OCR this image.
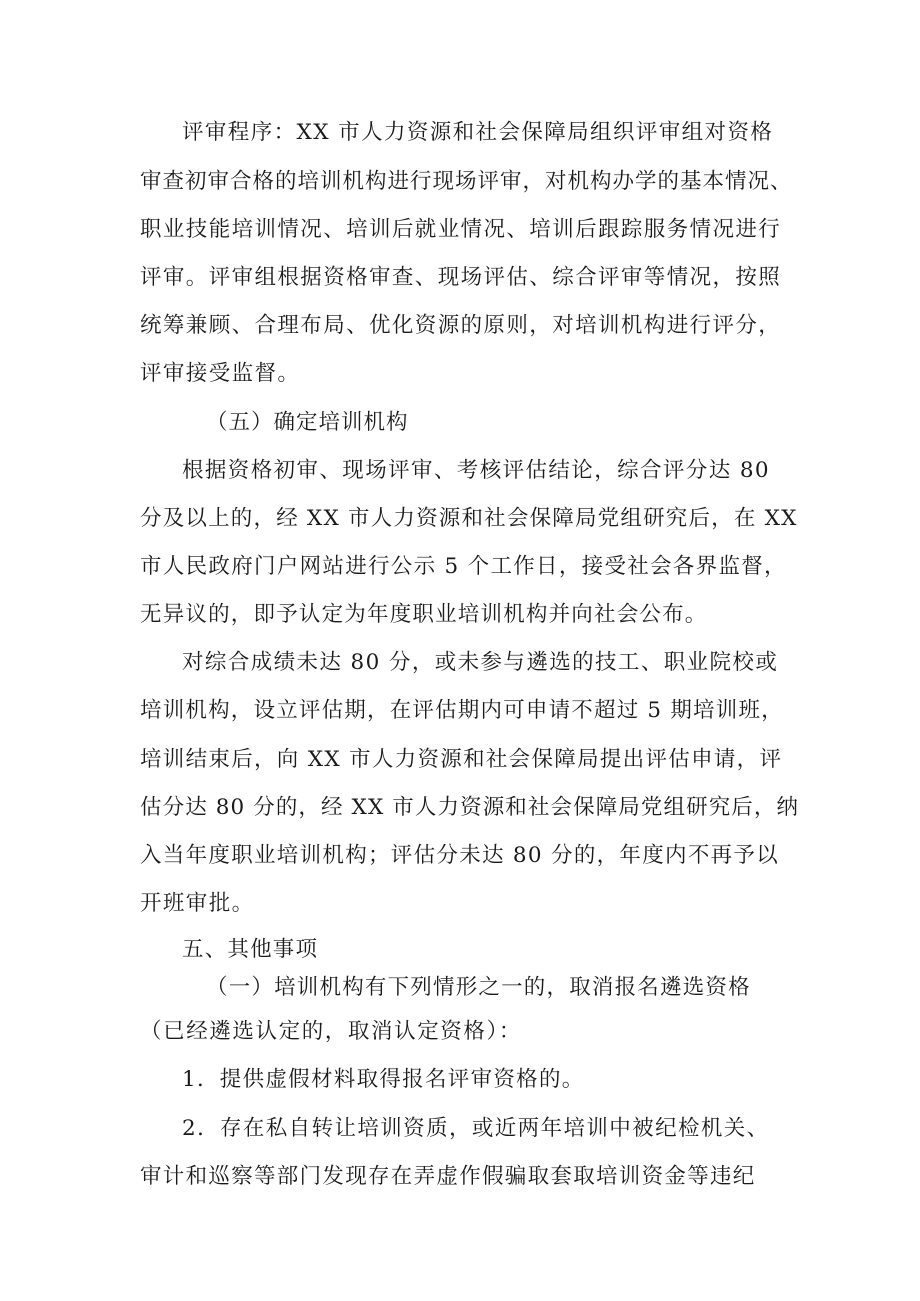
评审程序：XX 市人力资源和社会保障局组织评审组对资格
审查初审合格的培训机构进行现场评审，对机构办学的基本情况、
职业技能培训情况、培训后就业情况、培训后跟踪服务情况进行
评审。评审组根据资格审查、现场评估、综合评审等情况，按照
统筹兼顾、合理布局、优化资源的原则，对培训机构进行评分，
评审接受监督。
（五）确定培训机构
根据资格初审、现场评审、考核评估结论，综合评分达 80
分及以上的，经 XX 市人力资源和社会保障局党组研究后，在 XX
市人民政府门户网站进行公示 5 个工作日，接受社会各界监督，
无异议的，即予认定为年度职业培训机构并向社会公布。
对综合成绩未达 80 分，或未参与遴选的技工、职业院校或
培训机构，设立评估期，在评估期内可申请不超过 5 期培训班，
培训结束后，向 XX 市人力资源和社会保障局提出评估申请，评
估分达 80 分的，经 XX 市人力资源和社会保障局党组研究后，纳
入当年度职业培训机构；评估分未达 80 分的，年度内不再予以
开班审批。
五、其他事项
（一）培训机构有下列情形之一的，取消报名遴选资格
（已经遴选认定的，取消认定资格）：
1．提供虚假材料取得报名评审资格的。
2．存在私自转让培训资质，或近两年培训中被纪检机关、
审计和巡察等部门发现存在弄虚作假骗取套取培训资金等违纪
